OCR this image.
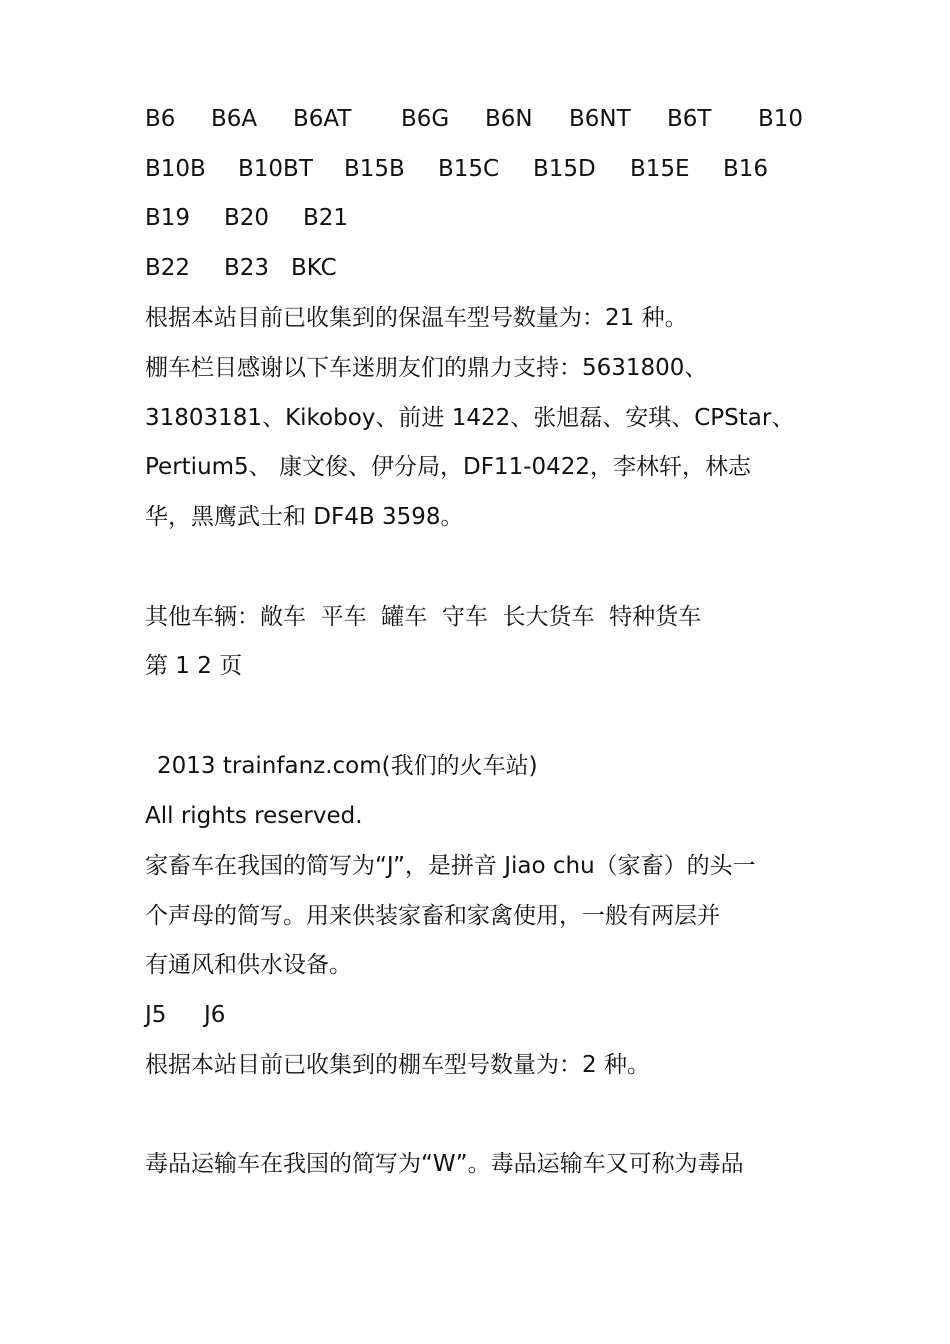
B6 B6A B6AT B6G B6N B6NT B6T B10
B10B B10BT B15B B15C B15D B15E B16
B19 B20 B21
B22 B23 BKC
根据本站目前已收集到的保温车型号数量为：21 种。
棚车栏目感谢以下车迷朋友们的鼎力支持：5631800、
31803181、Kikoboy、前进 1422、张旭磊、安琪、CPStar、
Pertium5、 康文俊、伊分局，DF11-0422，李林轩，林志
华，黑鹰武士和 DF4B 3598。
其他车辆：敞车  平车  罐车  守车  长大货车  特种货车
第 1 2 页
2013 trainfanz.com(我们的火车站)
All rights reserved.
家畜车在我国的简写为“J”，是拼音 Jiao chu（家畜）的头一
个声母的简写。用来供装家畜和家禽使用，一般有两层并
有通风和供水设备。
J5 J6
根据本站目前已收集到的棚车型号数量为：2 种。
毒品运输车在我国的简写为“W”。毒品运输车又可称为毒品
